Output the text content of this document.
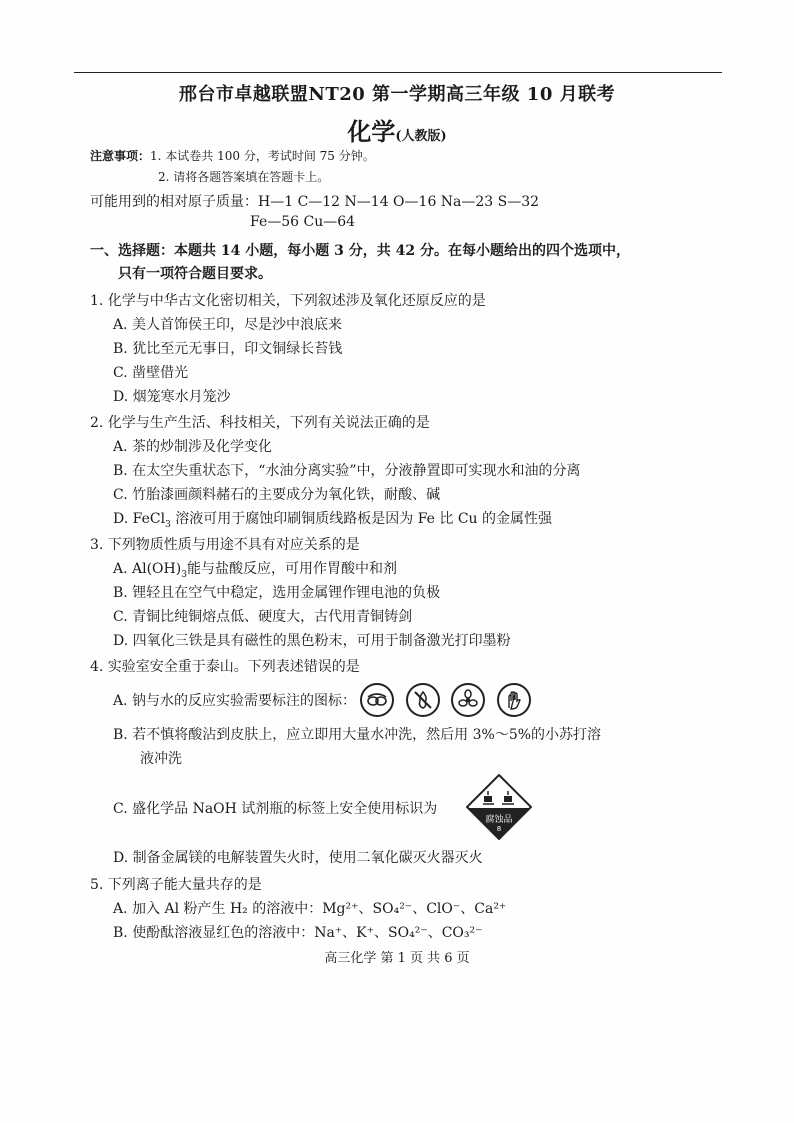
邢台市卓越联盟NT20 第一学期高三年级 10 月联考
化学(人教版)
注意事项：1. 本试卷共 100 分，考试时间 75 分钟。
2. 请将各题答案填在答题卡上。
可能用到的相对原子质量：H—1 C—12 N—14 O—16 Na—23 S—32
Fe—56 Cu—64
一、选择题：本题共 14 小题，每小题 3 分，共 42 分。在每小题给出的四个选项中，
只有一项符合题目要求。
1. 化学与中华古文化密切相关，下列叙述涉及氧化还原反应的是
A. 美人首饰侯王印，尽是沙中浪底来
B. 犹比至元无事日，印文铜绿长苔钱
C. 凿壁借光
D. 烟笼寒水月笼沙
2. 化学与生产生活、科技相关，下列有关说法正确的是
A. 茶的炒制涉及化学变化
B. 在太空失重状态下，“水油分离实验”中，分液静置即可实现水和油的分离
C. 竹胎漆画颜料赭石的主要成分为氧化铁，耐酸、碱
D. FeCl$_3$ 溶液可用于腐蚀印刷铜质线路板是因为 Fe 比 Cu 的金属性强
3. 下列物质性质与用途不具有对应关系的是
A. $Al(OH)_3$能与盐酸反应，可用作胃酸中和剂
B. 锂轻且在空气中稳定，选用金属锂作锂电池的负极
C. 青铜比纯铜熔点低、硬度大，古代用青铜铸剑
D. 四氧化三铁是具有磁性的黑色粉末，可用于制备激光打印墨粉
4. 实验室安全重于泰山。下列表述错误的是
A. 钠与水的反应实验需要标注的图标：

B. 若不慎将酸沾到皮肤上，应立即用大量水冲洗，然后用 3%～5%的小苏打溶
液冲洗
C. 盛化学品 NaOH 试剂瓶的标签上安全使用标识为
腐蚀品
8
D. 制备金属镁的电解装置失火时，使用二氧化碳灭火器灭火
5. 下列离子能大量共存的是
A. 加入 Al 粉产生 H₂ 的溶液中：Mg²⁺、SO₄²⁻、ClO⁻、Ca²⁺
B. 使酚酞溶液显红色的溶液中：Na⁺、K⁺、SO₄²⁻、CO₃²⁻
高三化学 第 1 页 共 6 页
